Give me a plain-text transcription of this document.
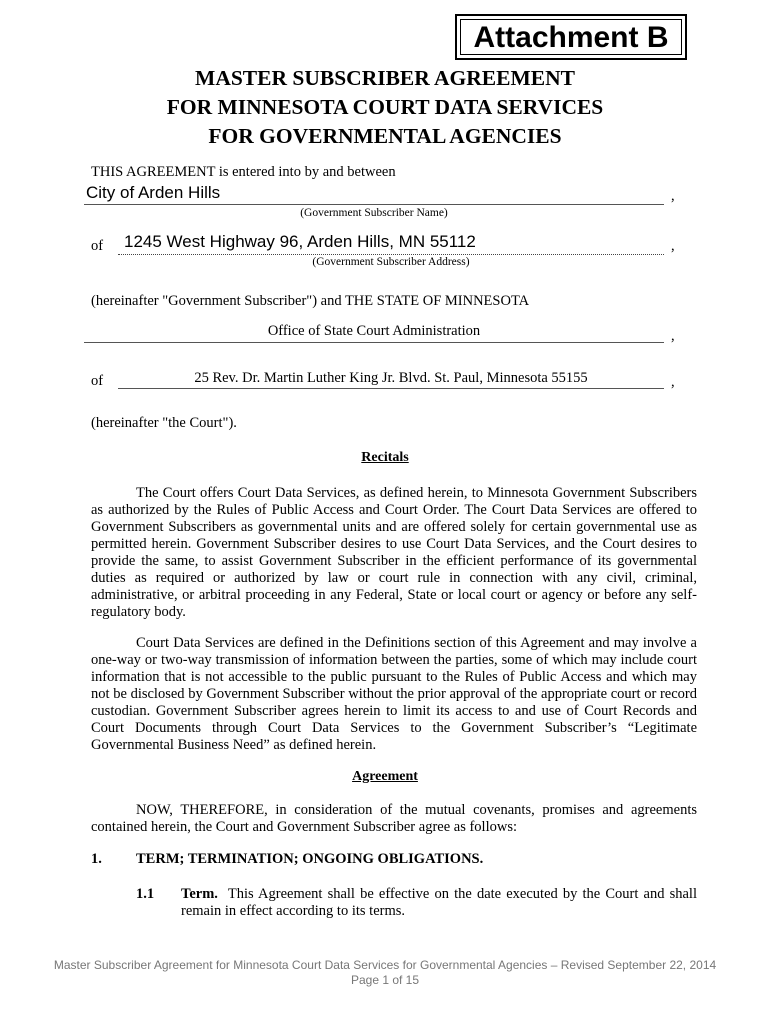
Attachment B
MASTER SUBSCRIBER AGREEMENT
FOR MINNESOTA COURT DATA SERVICES
FOR GOVERNMENTAL AGENCIES
THIS AGREEMENT is entered into by and between
City of Arden Hills	,
(Government Subscriber Name)
of 1245 West Highway 96, Arden Hills, MN 55112	,
(Government Subscriber Address)
(hereinafter "Government Subscriber") and THE STATE OF MINNESOTA
Office of State Court Administration	,
of	25 Rev. Dr. Martin Luther King Jr. Blvd. St. Paul, Minnesota 55155	,
(hereinafter "the Court").
Recitals

The Court offers Court Data Services, as defined herein, to Minnesota Government Subscribers as authorized by the Rules of Public Access and Court Order. The Court Data Services are offered to Government Subscribers as governmental units and are offered solely for certain governmental use as permitted herein. Government Subscriber desires to use Court Data Services, and the Court desires to provide the same, to assist Government Subscriber in the efficient performance of its governmental duties as required or authorized by law or court rule in connection with any civil, criminal, administrative, or arbitral proceeding in any Federal, State or local court or agency or before any self-regulatory body.

Court Data Services are defined in the Definitions section of this Agreement and may involve a one-way or two-way transmission of information between the parties, some of which may include court information that is not accessible to the public pursuant to the Rules of Public Access and which may not be disclosed by Government Subscriber without the prior approval of the appropriate court or record custodian. Government Subscriber agrees herein to limit its access to and use of Court Records and Court Documents through Court Data Services to the Government Subscriber’s “Legitimate Governmental Business Need” as defined herein.

Agreement

NOW, THEREFORE, in consideration of the mutual covenants, promises and agreements contained herein, the Court and Government Subscriber agree as follows:

1. TERM; TERMINATION; ONGOING OBLIGATIONS.
1.1 Term. This Agreement shall be effective on the date executed by the Court and shall remain in effect according to its terms.

Master Subscriber Agreement for Minnesota Court Data Services for Governmental Agencies – Revised September 22, 2014
Page 1 of 15
